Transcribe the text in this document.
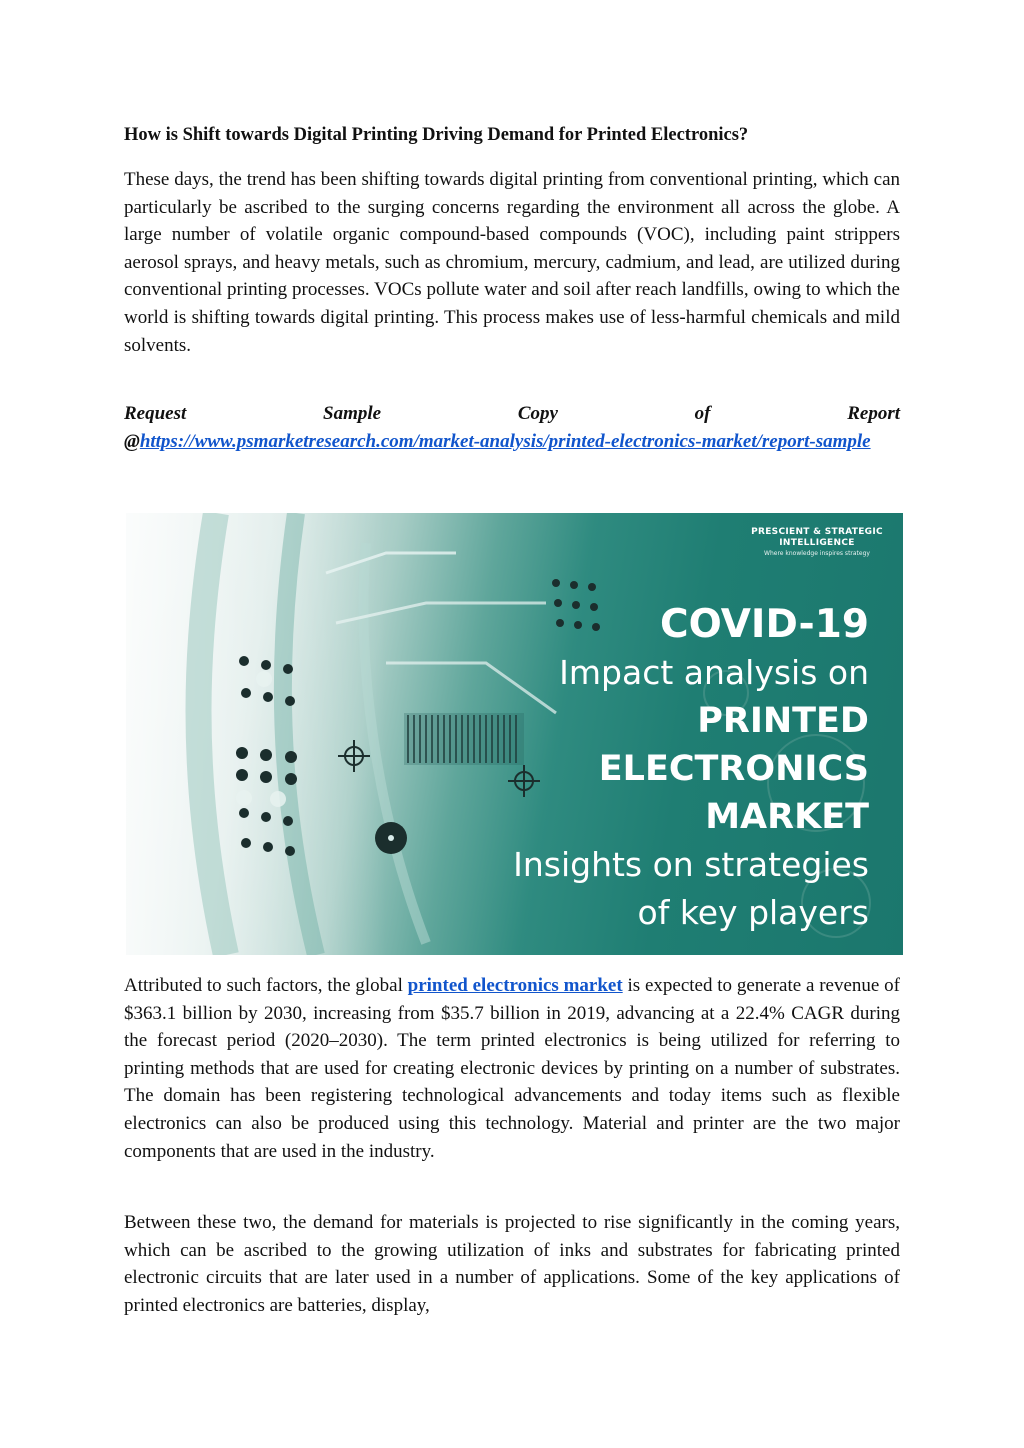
How is Shift towards Digital Printing Driving Demand for Printed Electronics?

These days, the trend has been shifting towards digital printing from conventional printing, which can particularly be ascribed to the surging concerns regarding the environment all across the globe. A large number of volatile organic compound-based compounds (VOC), including paint strippers aerosol sprays, and heavy metals, such as chromium, mercury, cadmium, and lead, are utilized during conventional printing processes. VOCs pollute water and soil after reach landfills, owing to which the world is shifting towards digital printing. This process makes use of less-harmful chemicals and mild solvents.

Request	Sample	Copy	of	Report
@https://www.psmarketresearch.com/market-analysis/printed-electronics-market/report-sample
PRESCIENT & STRATEGIC
INTELLIGENCE
Where knowledge inspires strategy
COVID-19
Impact analysis on
PRINTED
ELECTRONICS MARKET
Insights on strategies
of key players

Attributed to such factors, the global printed electronics market is expected to generate a revenue of $363.1 billion by 2030, increasing from $35.7 billion in 2019, advancing at a 22.4% CAGR during the forecast period (2020–2030). The term printed electronics is being utilized for referring to printing methods that are used for creating electronic devices by printing on a number of substrates. The domain has been registering technological advancements and today items such as flexible electronics can also be produced using this technology. Material and printer are the two major components that are used in the industry.

Between these two, the demand for materials is projected to rise significantly in the coming years, which can be ascribed to the growing utilization of inks and substrates for fabricating printed electronic circuits that are later used in a number of applications. Some of the key applications of printed electronics are batteries, display,
